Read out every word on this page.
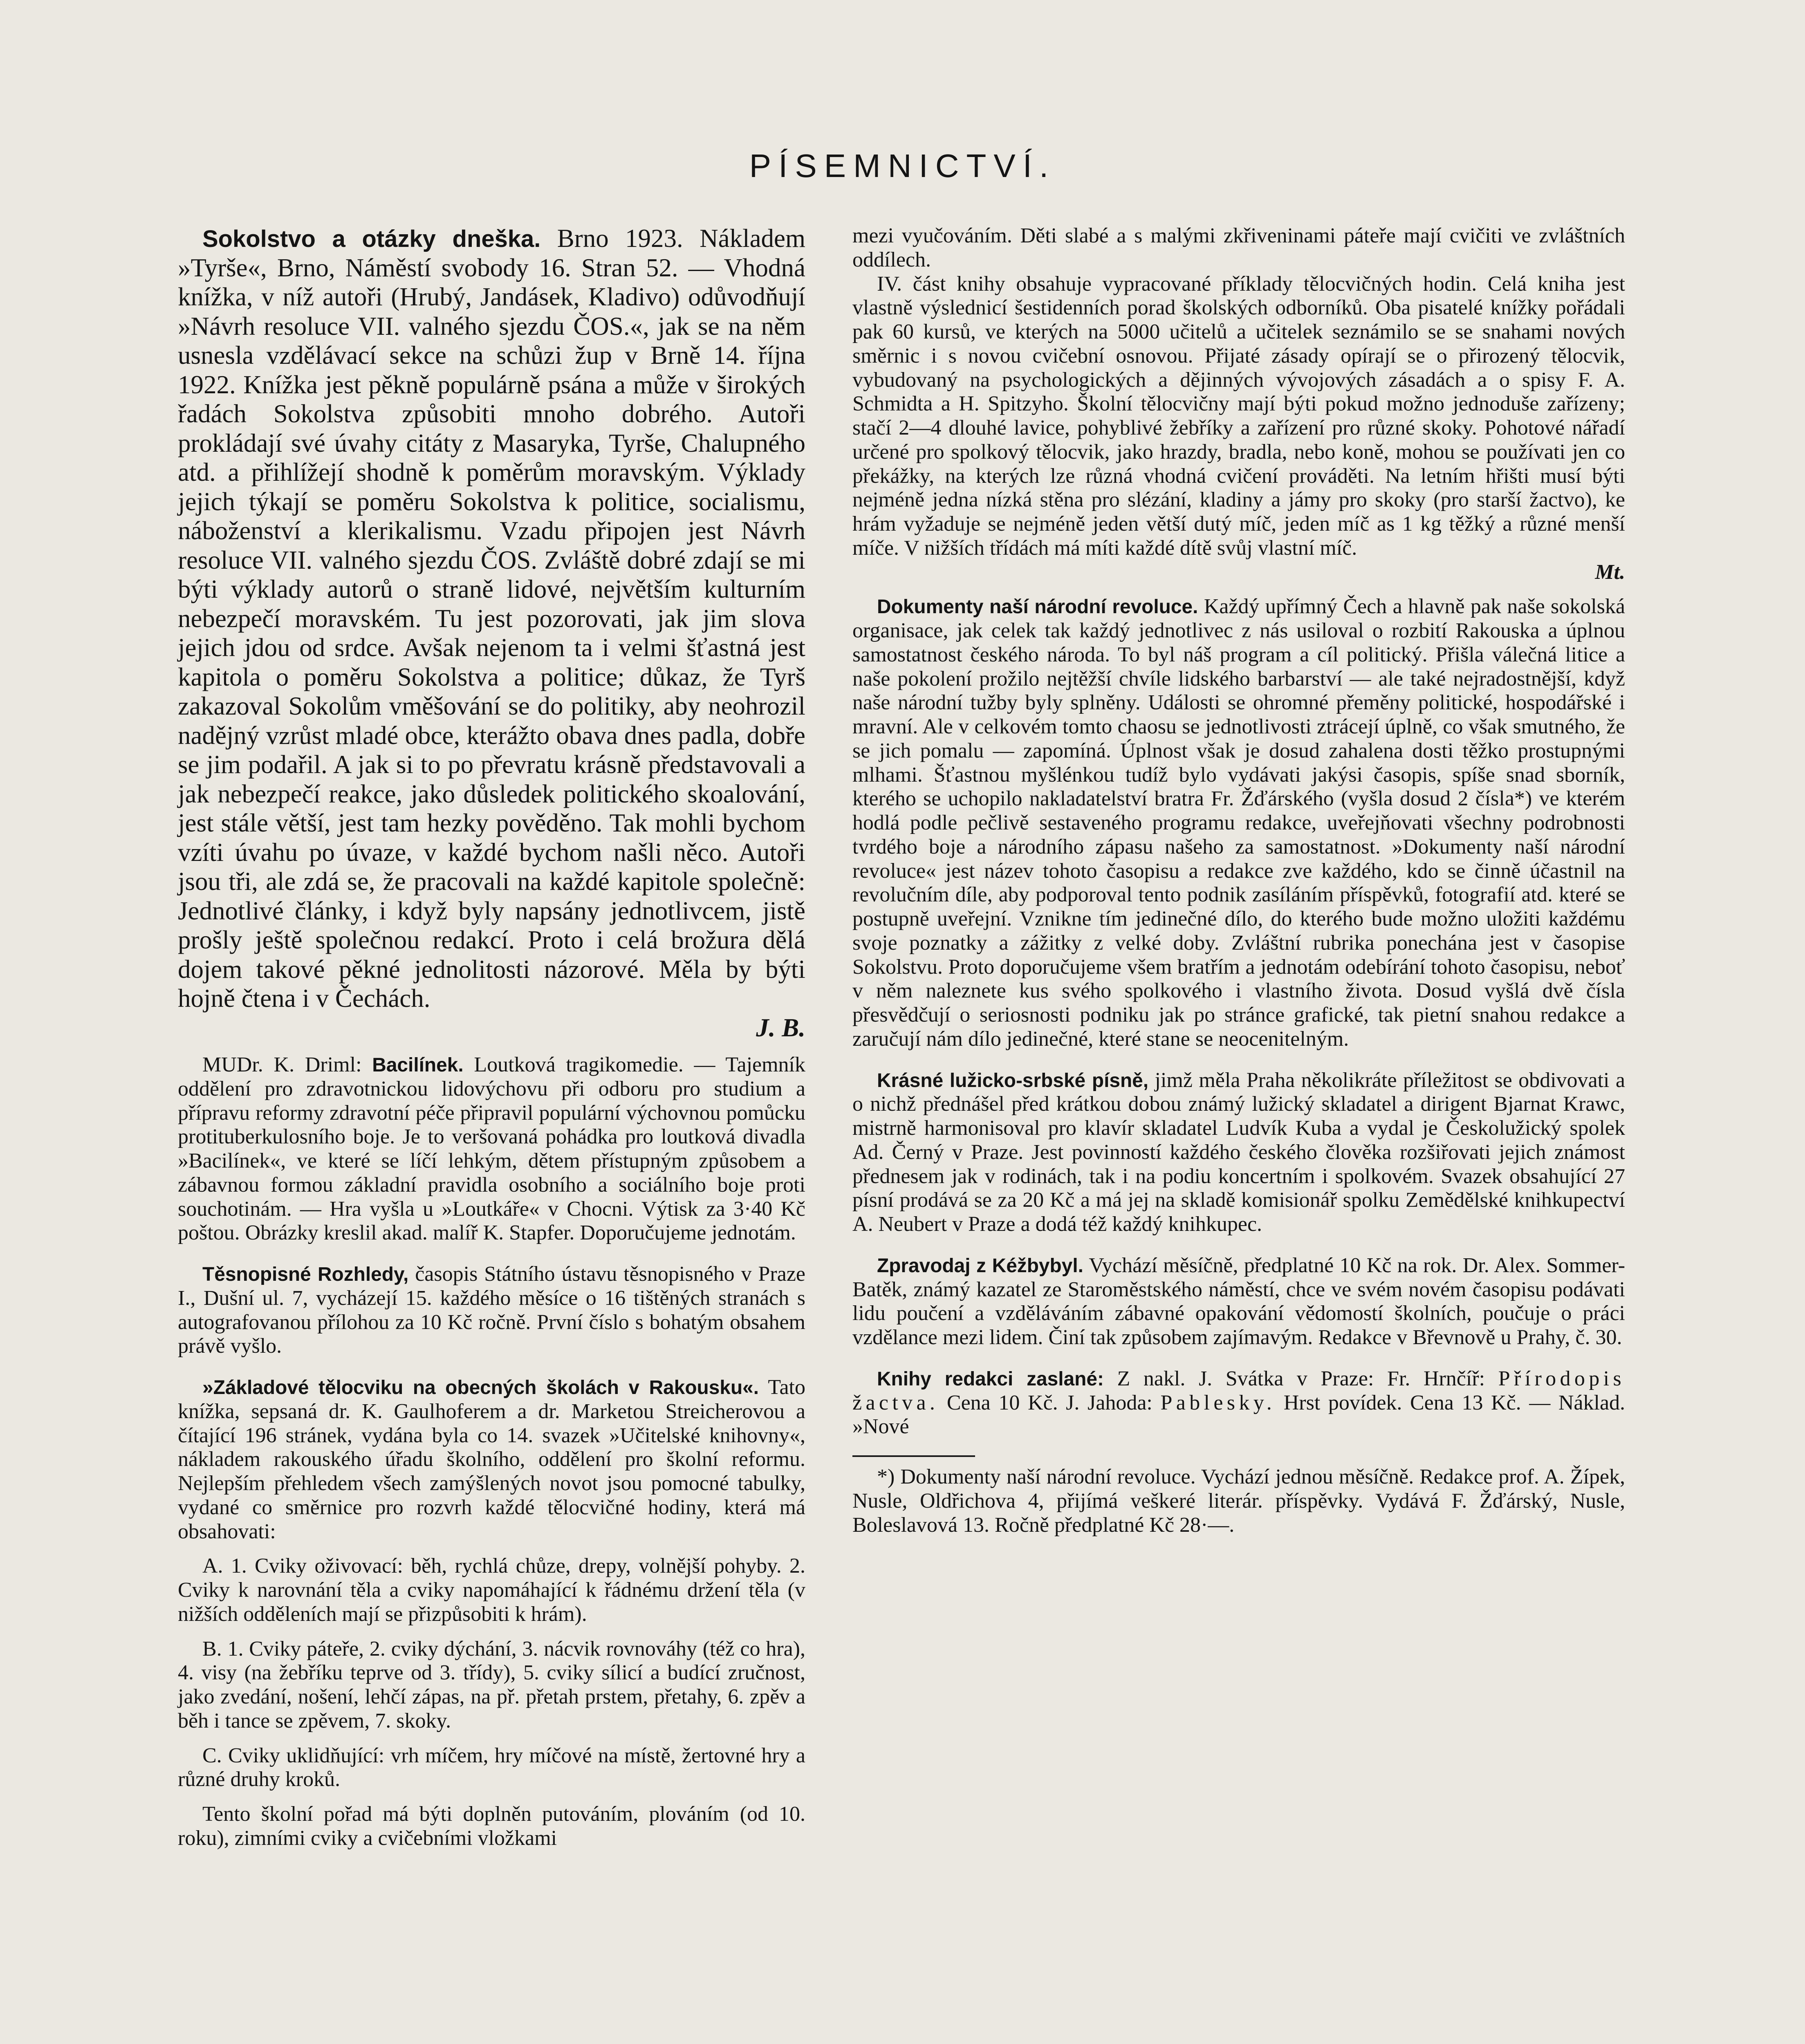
PÍSEMNICTVÍ.

Sokolstvo a otázky dneška. Brno 1923. Nákladem »Tyrše«, Brno, Náměstí svobody 16. Stran 52. — Vhodná knížka, v níž autoři (Hrubý, Jandásek, Kladivo) odůvodňují »Návrh resoluce VII. valného sjezdu ČOS.«, jak se na něm usnesla vzdělávací sekce na schůzi žup v Brně 14. října 1922. Knížka jest pěkně populárně psána a může v širokých řadách Sokolstva způsobiti mnoho dobrého. Autoři prokládají své úvahy citáty z Masaryka, Tyrše, Chalupného atd. a přihlížejí shodně k poměrům moravským. Výklady jejich týkají se poměru Sokolstva k politice, socialismu, náboženství a klerikalismu. Vzadu připojen jest Návrh resoluce VII. valného sjezdu ČOS. Zvláště dobré zdají se mi býti výklady autorů o straně lidové, největším kulturním nebezpečí moravském. Tu jest pozorovati, jak jim slova jejich jdou od srdce. Avšak nejenom ta i velmi šťastná jest kapitola o poměru Sokolstva a politice; důkaz, že Tyrš zakazoval Sokolům vměšování se do politiky, aby neohrozil nadějný vzrůst mladé obce, kterážto obava dnes padla, dobře se jim podařil. A jak si to po převratu krásně představovali a jak nebezpečí reakce, jako důsledek politického skoalování, jest stále větší, jest tam hezky pověděno. Tak mohli bychom vzíti úvahu po úvaze, v každé bychom našli něco. Autoři jsou tři, ale zdá se, že pracovali na každé kapitole společně: Jednotlivé články, i když byly napsány jednotlivcem, jistě prošly ještě společnou redakcí. Proto i celá brožura dělá dojem takové pěkné jednolitosti názorové. Měla by býti hojně čtena i v Čechách.

J. B.

MUDr. K. Driml: Bacilínek. Loutková tragikomedie. — Tajemník oddělení pro zdravotnickou lidovýchovu při odboru pro studium a přípravu reformy zdravotní péče připravil populární výchovnou pomůcku protituberkulosního boje. Je to veršovaná pohádka pro loutková divadla »Bacilínek«, ve které se líčí lehkým, dětem přístupným způsobem a zábavnou formou základní pravidla osobního a sociálního boje proti souchotinám. — Hra vyšla u »Loutkáře« v Chocni. Výtisk za 3·40 Kč poštou. Obrázky kreslil akad. malíř K. Stapfer. Doporučujeme jednotám.

Těsnopisné Rozhledy, časopis Státního ústavu těsnopisného v Praze I., Dušní ul. 7, vycházejí 15. každého měsíce o 16 tištěných stranách s autografovanou přílohou za 10 Kč ročně. První číslo s bohatým obsahem právě vyšlo.

»Základové tělocviku na obecných školách v Rakousku«. Tato knížka, sepsaná dr. K. Gaulhoferem a dr. Marketou Streicherovou a čítající 196 stránek, vydána byla co 14. svazek »Učitelské knihovny«, nákladem rakouského úřadu školního, oddělení pro školní reformu. Nejlepším přehledem všech zamýšlených novot jsou pomocné tabulky, vydané co směrnice pro rozvrh každé tělocvičné hodiny, která má obsahovati:

A. 1. Cviky oživovací: běh, rychlá chůze, drepy, volnější pohyby. 2. Cviky k narovnání těla a cviky napomáhající k řádnému držení těla (v nižších odděleních mají se přizpůsobiti k hrám).

B. 1. Cviky páteře, 2. cviky dýchání, 3. nácvik rovnováhy (též co hra), 4. visy (na žebříku teprve od 3. třídy), 5. cviky sílicí a budící zručnost, jako zvedání, nošení, lehčí zápas, na př. přetah prstem, přetahy, 6. zpěv a běh i tance se zpěvem, 7. skoky.

C. Cviky uklidňující: vrh míčem, hry míčové na místě, žertovné hry a různé druhy kroků.

Tento školní pořad má býti doplněn putováním, plováním (od 10. roku), zimními cviky a cvičebními vložkami

mezi vyučováním. Děti slabé a s malými zkřiveninami páteře mají cvičiti ve zvláštních oddílech.

IV. část knihy obsahuje vypracované příklady tělocvičných hodin. Celá kniha jest vlastně výslednicí šestidenních porad školských odborníků. Oba pisatelé knížky pořádali pak 60 kursů, ve kterých na 5000 učitelů a učitelek seznámilo se se snahami nových směrnic i s novou cvičební osnovou. Přijaté zásady opírají se o přirozený tělocvik, vybudovaný na psychologických a dějinných vývojových zásadách a o spisy F. A. Schmidta a H. Spitzyho. Školní tělocvičny mají býti pokud možno jednoduše zařízeny; stačí 2—4 dlouhé lavice, pohyblivé žebříky a zařízení pro různé skoky. Pohotové nářadí určené pro spolkový tělocvik, jako hrazdy, bradla, nebo koně, mohou se používati jen co překážky, na kterých lze různá vhodná cvičení prováděti. Na letním hřišti musí býti nejméně jedna nízká stěna pro slézání, kladiny a jámy pro skoky (pro starší žactvo), ke hrám vyžaduje se nejméně jeden větší dutý míč, jeden míč as 1 kg těžký a různé menší míče. V nižších třídách má míti každé dítě svůj vlastní míč.

Mt.

Dokumenty naší národní revoluce. Každý upřímný Čech a hlavně pak naše sokolská organisace, jak celek tak každý jednotlivec z nás usiloval o rozbití Rakouska a úplnou samostatnost českého národa. To byl náš program a cíl politický. Přišla válečná litice a naše pokolení prožilo nejtěžší chvíle lidského barbarství — ale také nejradostnější, když naše národní tužby byly splněny. Události se ohromné přeměny politické, hospodářské i mravní. Ale v celkovém tomto chaosu se jednotlivosti ztrácejí úplně, co však smutného, že se jich pomalu — zapomíná. Úplnost však je dosud zahalena dosti těžko prostupnými mlhami. Šťastnou myšlénkou tudíž bylo vydávati jakýsi časopis, spíše snad sborník, kterého se uchopilo nakladatelství bratra Fr. Žďárského (vyšla dosud 2 čísla*) ve kterém hodlá podle pečlivě sestaveného programu redakce, uveřejňovati všechny podrobnosti tvrdého boje a národního zápasu našeho za samostatnost. »Dokumenty naší národní revoluce« jest název tohoto časopisu a redakce zve každého, kdo se činně účastnil na revolučním díle, aby podporoval tento podnik zasíláním příspěvků, fotografií atd. které se postupně uveřejní. Vznikne tím jedinečné dílo, do kterého bude možno uložiti každému svoje poznatky a zážitky z velké doby. Zvláštní rubrika ponechána jest v časopise Sokolstvu. Proto doporučujeme všem bratřím a jednotám odebírání tohoto časopisu, neboť v něm naleznete kus svého spolkového i vlastního života. Dosud vyšlá dvě čísla přesvědčují o seriosnosti podniku jak po stránce grafické, tak pietní snahou redakce a zaručují nám dílo jedinečné, které stane se neocenitelným.

Krásné lužicko-srbské písně, jimž měla Praha několikráte příležitost se obdivovati a o nichž přednášel před krátkou dobou známý lužický skladatel a dirigent Bjarnat Krawc, mistrně harmonisoval pro klavír skladatel Ludvík Kuba a vydal je Českolužický spolek Ad. Černý v Praze. Jest povinností každého českého člověka rozšiřovati jejich známost přednesem jak v rodinách, tak i na podiu koncertním i spolkovém. Svazek obsahující 27 písní prodává se za 20 Kč a má jej na skladě komisionář spolku Zemědělské knihkupectví A. Neubert v Praze a dodá též každý knihkupec.

Zpravodaj z Kéžbybyl. Vychází měsíčně, předplatné 10 Kč na rok. Dr. Alex. Sommer-Batěk, známý kazatel ze Staroměstského náměstí, chce ve svém novém časopisu podávati lidu poučení a vzděláváním zábavné opakování vědomostí školních, poučuje o práci vzdělance mezi lidem. Činí tak způsobem zajímavým. Redakce v Břevnově u Prahy, č. 30.

Knihy redakci zaslané: Z nakl. J. Svátka v Praze: Fr. Hrnčíř: Přírodopis žactva. Cena 10 Kč. J. Jahoda: Pablesky. Hrst povídek. Cena 13 Kč. — Náklad. »Nové

*) Dokumenty naší národní revoluce. Vychází jednou měsíčně. Redakce prof. A. Žípek, Nusle, Oldřichova 4, přijímá veškeré literár. příspěvky. Vydává F. Žďárský, Nusle, Boleslavová 13. Ročně předplatné Kč 28·—.
